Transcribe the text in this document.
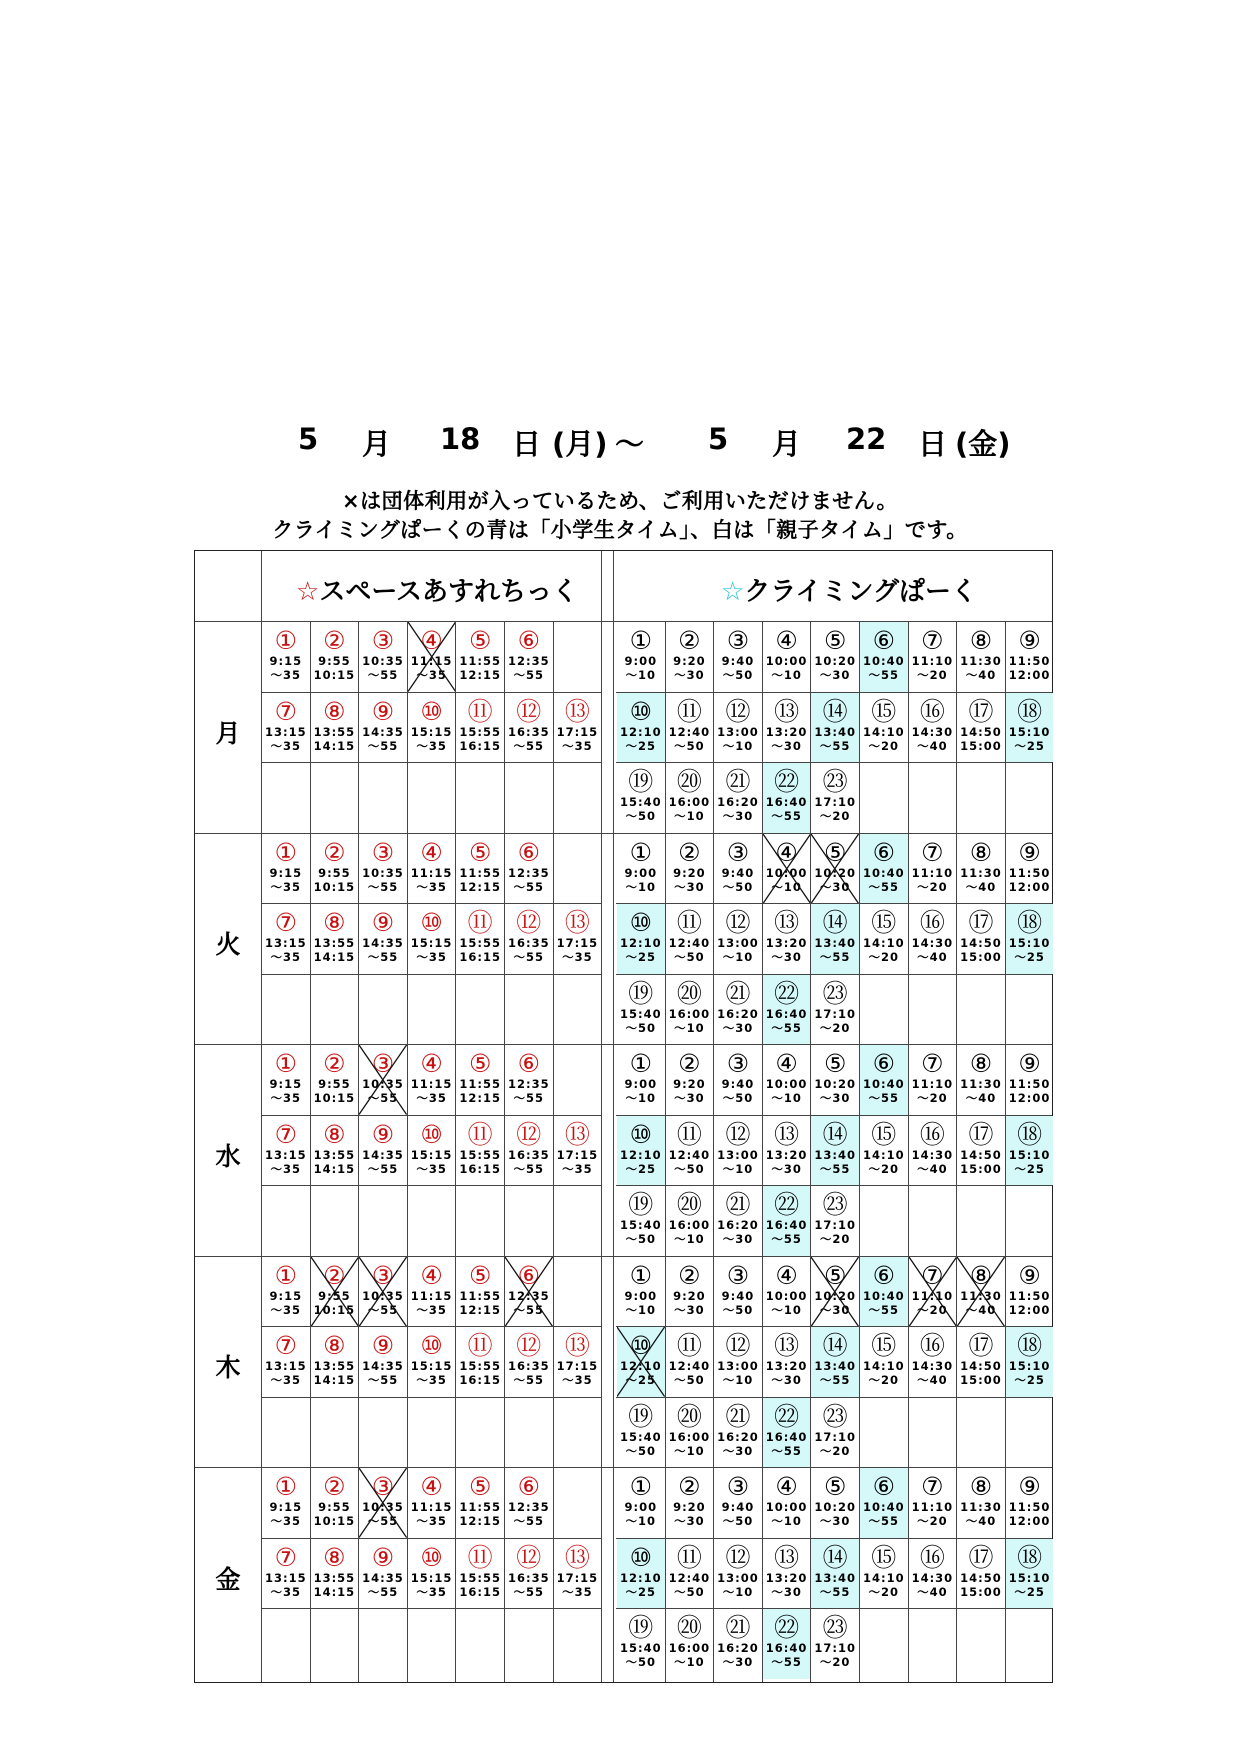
5 月 18 日 (月) ～ 5 月 22 日 (金)
×は団体利用が入っているため、ご利用いただけません。
クライミングぱーくの青は「小学生タイム」、白は「親子タイム」です。
☆スペースあすれちっく	☆クライミングぱーく
月
①
9:15
～35
②
9:55
10:15
③
10:35
～55
④
11:15
～35
⑤
11:55
12:15
⑥
12:35
～55
⑦
13:15
～35
⑧
13:55
14:15
⑨
14:35
～55
⑩
15:15
～35
⑪
15:55
16:15
⑫
16:35
～55
⑬
17:15
～35
①
9:00
～10
②
9:20
～30
③
9:40
～50
④
10:00
～10
⑤
10:20
～30
⑥
10:40
～55
⑦
11:10
～20
⑧
11:30
～40
⑨
11:50
12:00
⑩
12:10
～25
⑪
12:40
～50
⑫
13:00
～10
⑬
13:20
～30
⑭
13:40
～55
⑮
14:10
～20
⑯
14:30
～40
⑰
14:50
15:00
⑱
15:10
～25
⑲
15:40
～50
⑳
16:00
～10
㉑
16:20
～30
㉒
16:40
～55
㉓
17:10
～20
火
①
9:15
～35
②
9:55
10:15
③
10:35
～55
④
11:15
～35
⑤
11:55
12:15
⑥
12:35
～55
⑦
13:15
～35
⑧
13:55
14:15
⑨
14:35
～55
⑩
15:15
～35
⑪
15:55
16:15
⑫
16:35
～55
⑬
17:15
～35
①
9:00
～10
②
9:20
～30
③
9:40
～50
④
10:00
～10
⑤
10:20
～30
⑥
10:40
～55
⑦
11:10
～20
⑧
11:30
～40
⑨
11:50
12:00
⑩
12:10
～25
⑪
12:40
～50
⑫
13:00
～10
⑬
13:20
～30
⑭
13:40
～55
⑮
14:10
～20
⑯
14:30
～40
⑰
14:50
15:00
⑱
15:10
～25
⑲
15:40
～50
⑳
16:00
～10
㉑
16:20
～30
㉒
16:40
～55
㉓
17:10
～20
水
①
9:15
～35
②
9:55
10:15
③
10:35
～55
④
11:15
～35
⑤
11:55
12:15
⑥
12:35
～55
⑦
13:15
～35
⑧
13:55
14:15
⑨
14:35
～55
⑩
15:15
～35
⑪
15:55
16:15
⑫
16:35
～55
⑬
17:15
～35
①
9:00
～10
②
9:20
～30
③
9:40
～50
④
10:00
～10
⑤
10:20
～30
⑥
10:40
～55
⑦
11:10
～20
⑧
11:30
～40
⑨
11:50
12:00
⑩
12:10
～25
⑪
12:40
～50
⑫
13:00
～10
⑬
13:20
～30
⑭
13:40
～55
⑮
14:10
～20
⑯
14:30
～40
⑰
14:50
15:00
⑱
15:10
～25
⑲
15:40
～50
⑳
16:00
～10
㉑
16:20
～30
㉒
16:40
～55
㉓
17:10
～20
木
①
9:15
～35
②
9:55
10:15
③
10:35
～55
④
11:15
～35
⑤
11:55
12:15
⑥
12:35
～55
⑦
13:15
～35
⑧
13:55
14:15
⑨
14:35
～55
⑩
15:15
～35
⑪
15:55
16:15
⑫
16:35
～55
⑬
17:15
～35
①
9:00
～10
②
9:20
～30
③
9:40
～50
④
10:00
～10
⑤
10:20
～30
⑥
10:40
～55
⑦
11:10
～20
⑧
11:30
～40
⑨
11:50
12:00
⑩
12:10
～25
⑪
12:40
～50
⑫
13:00
～10
⑬
13:20
～30
⑭
13:40
～55
⑮
14:10
～20
⑯
14:30
～40
⑰
14:50
15:00
⑱
15:10
～25
⑲
15:40
～50
⑳
16:00
～10
㉑
16:20
～30
㉒
16:40
～55
㉓
17:10
～20
金
①
9:15
～35
②
9:55
10:15
③
10:35
～55
④
11:15
～35
⑤
11:55
12:15
⑥
12:35
～55
⑦
13:15
～35
⑧
13:55
14:15
⑨
14:35
～55
⑩
15:15
～35
⑪
15:55
16:15
⑫
16:35
～55
⑬
17:15
～35
①
9:00
～10
②
9:20
～30
③
9:40
～50
④
10:00
～10
⑤
10:20
～30
⑥
10:40
～55
⑦
11:10
～20
⑧
11:30
～40
⑨
11:50
12:00
⑩
12:10
～25
⑪
12:40
～50
⑫
13:00
～10
⑬
13:20
～30
⑭
13:40
～55
⑮
14:10
～20
⑯
14:30
～40
⑰
14:50
15:00
⑱
15:10
～25
⑲
15:40
～50
⑳
16:00
～10
㉑
16:20
～30
㉒
16:40
～55
㉓
17:10
～20
